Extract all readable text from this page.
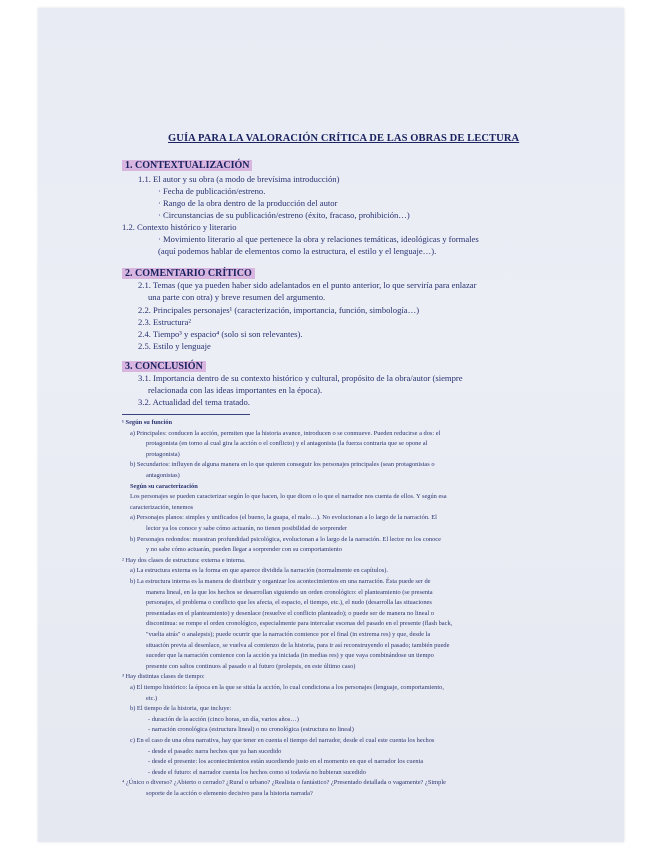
GUÍA PARA LA VALORACIÓN CRÍTICA DE LAS OBRAS DE LECTURA
1. CONTEXTUALIZACIÓN
1.1. El autor y su obra (a modo de brevísima introducción)
· Fecha de publicación/estreno.
· Rango de la obra dentro de la producción del autor
· Circunstancias de su publicación/estreno (éxito, fracaso, prohibición…)
1.2. Contexto histórico y literario
· Movimiento literario al que pertenece la obra y relaciones temáticas, ideológicas y formales
(aquí podemos hablar de elementos como la estructura, el estilo y el lenguaje…).
2. COMENTARIO CRÍTICO
2.1. Temas (que ya pueden haber sido adelantados en el punto anterior, lo que serviría para enlazar
una parte con otra) y breve resumen del argumento.
2.2. Principales personajes¹ (caracterización, importancia, función, simbología…)
2.3. Estructura²
2.4. Tiempo³ y espacio⁴ (solo si son relevantes).
2.5. Estilo y lenguaje
3. CONCLUSIÓN
3.1. Importancia dentro de su contexto histórico y cultural, propósito de la obra/autor (siempre
relacionada con las ideas importantes en la época).
3.2. Actualidad del tema tratado.
¹ Según su función
a) Principales: conducen la acción, permiten que la historia avance, introducen o se conmueve. Pueden reducirse a dos: el
protagonista (en torno al cual gira la acción o el conflicto) y el antagonista (la fuerza contraria que se opone al
protagonista)
b) Secundarios: influyen de alguna manera en lo que quieren conseguir los personajes principales (sean protagonistas o
antagonistas)
Según su caracterización
Los personajes se pueden caracterizar según lo que hacen, lo que dicen o lo que el narrador nos cuenta de ellos. Y según esa
caracterización, tenemos
a) Personajes planos: simples y unificados (el bueno, la guapa, el malo…). No evolucionan a lo largo de la narración. El
lector ya los conoce y sabe cómo actuarán, no tienen posibilidad de sorprender
b) Personajes redondos: muestran profundidad psicológica, evolucionan a lo largo de la narración. El lector no los conoce
y no sabe cómo actuarán, pueden llegar a sorprender con su comportamiento
² Hay dos clases de estructura: externa e interna.
a) La estructura externa es la forma en que aparece dividida la narración (normalmente en capítulos).
b) La estructura interna es la manera de distribuir y organizar los acontecimientos en una narración. Ésta puede ser de
manera lineal, en la que los hechos se desarrollan siguiendo un orden cronológico: el planteamiento (se presenta
personajes, el problema o conflicto que les afecta, el espacio, el tiempo, etc.), el nudo (desarrolla las situaciones
presentadas en el planteamiento) y desenlace (resuelve el conflicto planteado); o puede ser de manera no lineal o
discontinua: se rompe el orden cronológico, especialmente para intercalar escenas del pasado en el presente (flash back,
"vuelta atrás" o analepsis); puede ocurrir que la narración comience por el final (in extrema res) y que, desde la
situación previa al desenlace, se vuelva al comienzo de la historia, para ir así reconstruyendo el pasado; también puede
suceder que la narración comience con la acción ya iniciada (in medias res) y que vaya combinándose un tiempo
presente con saltos continuos al pasado o al futuro (prolepsis, en este último caso)
³ Hay distintas clases de tiempo:
a) El tiempo histórico: la época en la que se sitúa la acción, lo cual condiciona a los personajes (lenguaje, comportamiento,
etc.)
b) El tiempo de la historia, que incluye:
- duración de la acción (cinco horas, un día, varios años…)
- narración cronológica (estructura lineal) o no cronológica (estructura no lineal)
c) En el caso de una obra narrativa, hay que tener en cuenta el tiempo del narrador, desde el cual este cuenta los hechos
- desde el pasado: narra hechos que ya han sucedido
- desde el presente: los acontecimientos están sucediendo justo en el momento en que el narrador los cuenta
- desde el futuro: el narrador cuenta los hechos como si todavía no hubieran sucedido
⁴ ¿Único o diverso? ¿Abierto o cerrado? ¿Rural o urbano? ¿Realista o fantástico? ¿Presentado detallada o vagamente? ¿Simple
soporte de la acción o elemento decisivo para la historia narrada?
